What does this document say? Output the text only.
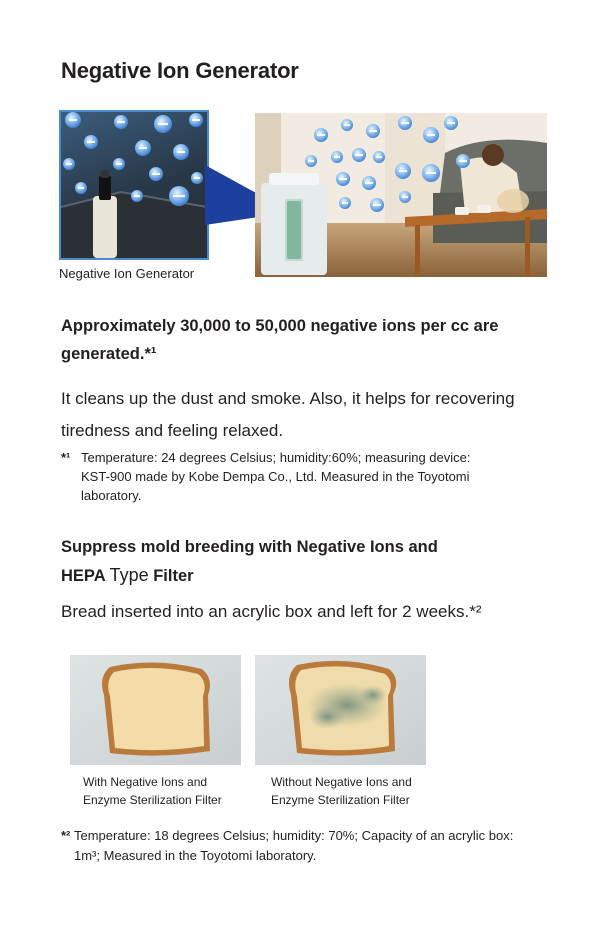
Negative Ion Generator
Negative Ion Generator
Approximately 30,000 to 50,000 negative ions per cc are
generated.*¹

It cleans up the dust and smoke. Also, it helps for recovering
tiredness and feeling relaxed.

*¹ Temperature: 24 degrees Celsius; humidity:60%; measuring device:
KST-900 made by Kobe Dempa Co., Ltd. Measured in the Toyotomi
laboratory.
Suppress mold breeding with Negative Ions and
HEPA Type Filter

Bread inserted into an acrylic box and left for 2 weeks.*²

With Negative Ions and
Enzyme Sterilization Filter
Without Negative Ions and
Enzyme Sterilization Filter
*² Temperature: 18 degrees Celsius; humidity: 70%; Capacity of an acrylic box:
1m³; Measured in the Toyotomi laboratory.
